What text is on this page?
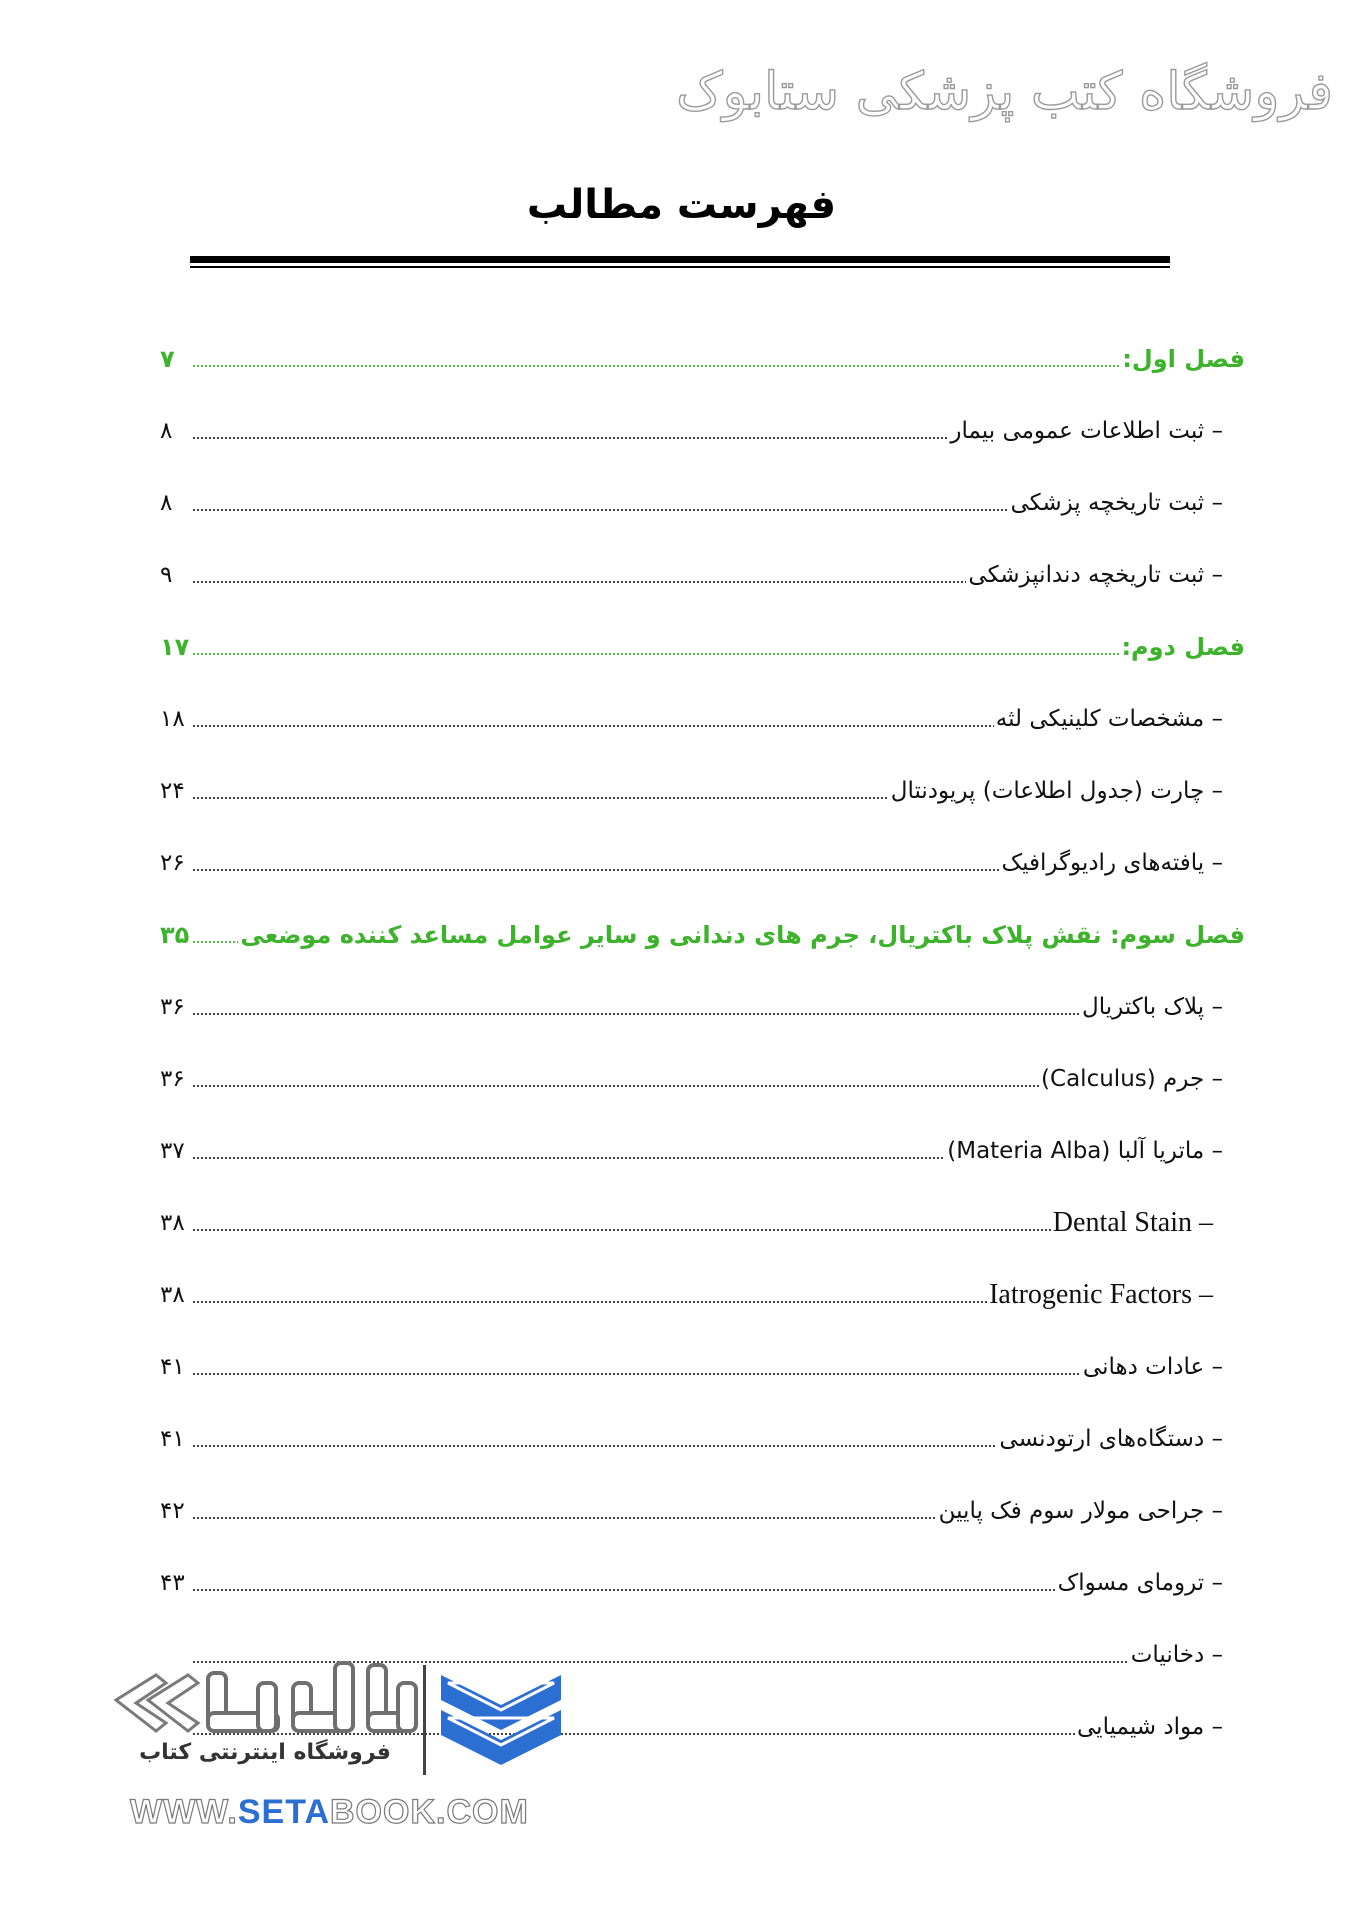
فروشگاه کتب پزشکی ستابوک
فهرست مطالب
۷	فصل اول:
۸	– ثبت اطلاعات عمومی بیمار
۸	– ثبت تاریخچه پزشکی
۹	– ثبت تاریخچه دندانپزشکی
۱۷	فصل دوم:
۱۸	– مشخصات کلینیکی لثه
۲۴	– چارت (جدول اطلاعات) پریودنتال
۲۶	– یافته‌های رادیوگرافیک
۳۵ فصل سوم: نقش پلاک باکتریال، جرم های دندانی و سایر عوامل مساعد کننده موضعی
۳۶	– پلاک باکتریال
۳۶	– جرم (Calculus)
۳۷	– ماتریا آلبا (Materia Alba)
۳۸	Dental Stain –
۳۸	Iatrogenic Factors –
۴۱	– عادات دهانی
۴۱	– دستگاه‌های ارتودنسی
۴۲	– جراحی مولار سوم فک پایین
۴۳	– ترومای مسواک
– دخانیات
– مواد شیمیایی
فروشگاه اینترنتی کتاب
WWW.SETABOOK.COM
